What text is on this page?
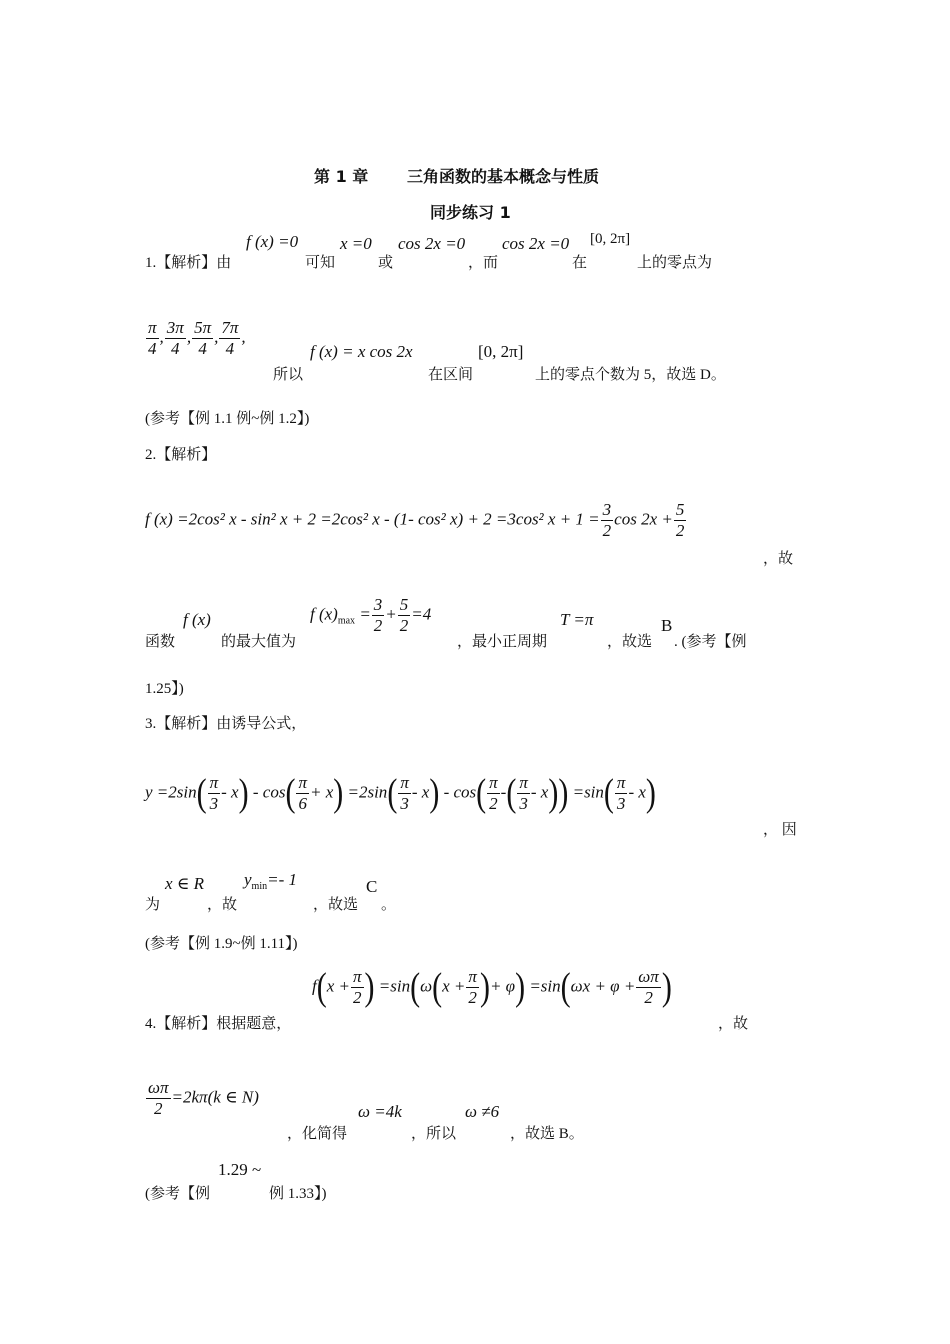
第 1 章 三角函数的基本概念与性质
同步练习 1
1.【解析】由
f (x) =0
可知
x =0
或
cos 2x =0
，而
cos 2x =0
在
[0, 2π]
上的零点为
$\frac{\pi}{4}$ , $\frac{3\pi}{4}$ , $\frac{5\pi}{4}$ , $\frac{7\pi}{4}$ ,
所以
f (x) = x cos 2x
在区间
[0, 2π]
上的零点个数为 5，故选 D。
(参考【例 1.1 例~例 1.2】)
2.【解析】
f (x) =2cos² x - sin² x + 2 =2cos² x - (1- cos² x) + 2 =3cos² $x + 1 = \frac{3}{2}$ $\cos 2x + \frac{5}{2}$
，故
函数
f (x)
的最大值为
f $(x)_{max} = \frac{3}{2} + \frac{5}{2} =4$
，最小正周期
T =π
，故选
B
. (参考【例
1.25】)
3.【解析】由诱导公式，
$y =2\sin( \frac{\pi}{3} - x) - \cos( \frac{\pi}{6} + x) =2\sin( \frac{\pi}{3} - x) - \cos( \frac{\pi}{2}$ -( $\frac{\pi}{3} - x)) =\sin( \frac{\pi}{3} - x)$
， 因
为
x ∈ R
，故
$y_{min}=-$ 1
，故选
C
。
(参考【例 1.9~例 1.11】)
$f(x + \frac{\pi}{2}$ ) $=\sin(\omega(x + \frac{\pi}{2}$ )+ $\varphi) =\sin(\omega x + \varphi + \frac{\omega\pi}{2}$ )
4.【解析】根据题意，	，故
$\frac{\omega\pi}{2} =2k\pi(k$ ∈ N)
，化简得
ω =4k
，所以
ω ≠6
，故选 B。
(参考【例
1.29 ~
例 1.33】)
